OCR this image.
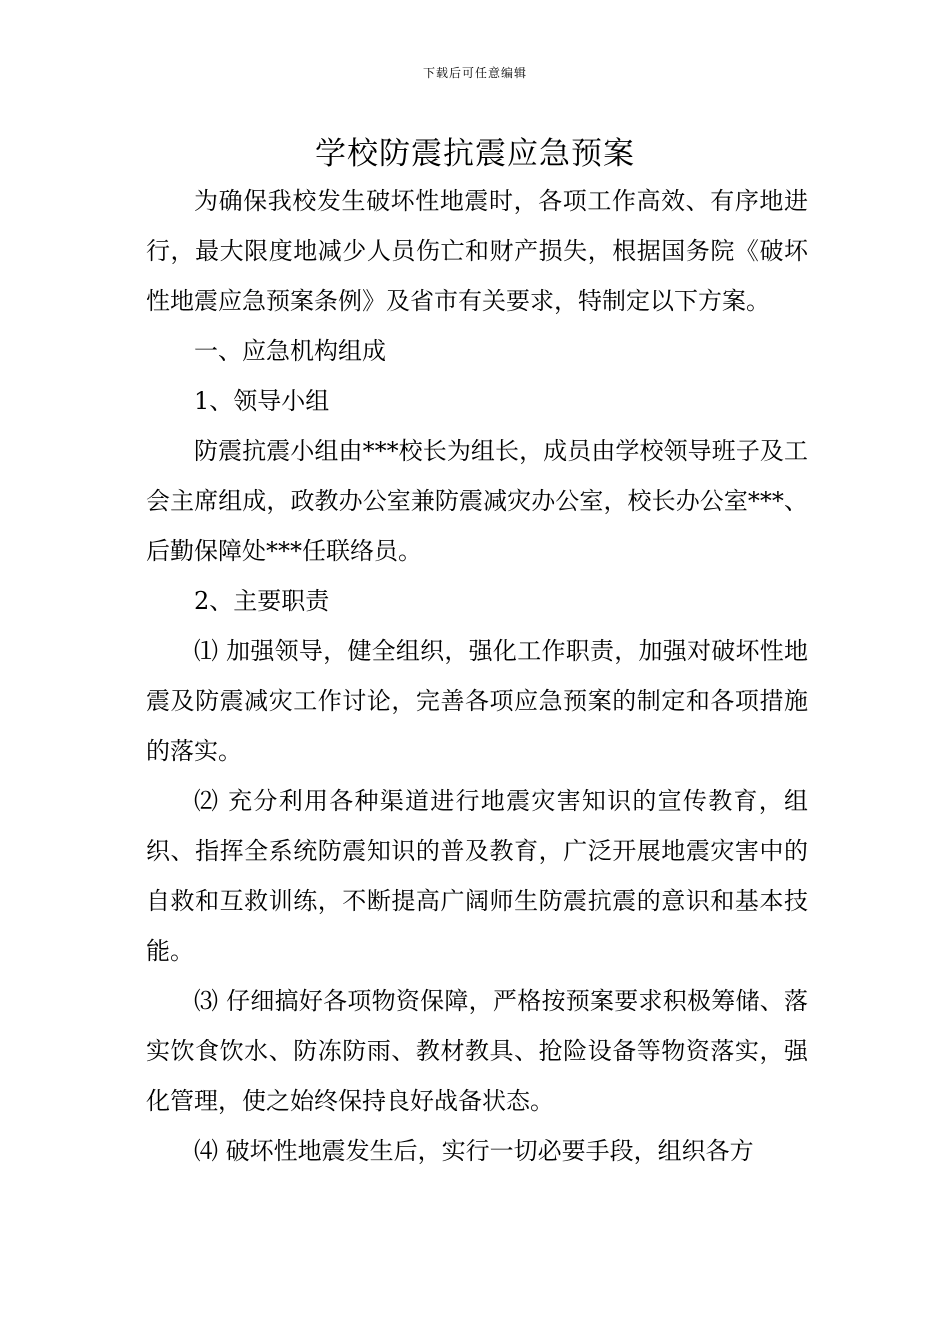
下载后可任意编辑
学校防震抗震应急预案

为确保我校发生破坏性地震时，各项工作高效、有序地进行，最大限度地减少人员伤亡和财产损失，根据国务院《破坏性地震应急预案条例》及省市有关要求，特制定以下方案。

一、应急机构组成

1、领导小组

防震抗震小组由***校长为组长，成员由学校领导班子及工会主席组成，政教办公室兼防震减灾办公室，校长办公室***、后勤保障处***任联络员。

2、主要职责

⑴ 加强领导，健全组织，强化工作职责，加强对破坏性地震及防震减灾工作讨论，完善各项应急预案的制定和各项措施的落实。

⑵ 充分利用各种渠道进行地震灾害知识的宣传教育，组织、指挥全系统防震知识的普及教育，广泛开展地震灾害中的自救和互救训练，不断提高广阔师生防震抗震的意识和基本技能。

⑶ 仔细搞好各项物资保障，严格按预案要求积极筹储、落实饮食饮水、防冻防雨、教材教具、抢险设备等物资落实，强化管理，使之始终保持良好战备状态。

⑷ 破坏性地震发生后，实行一切必要手段，组织各方
